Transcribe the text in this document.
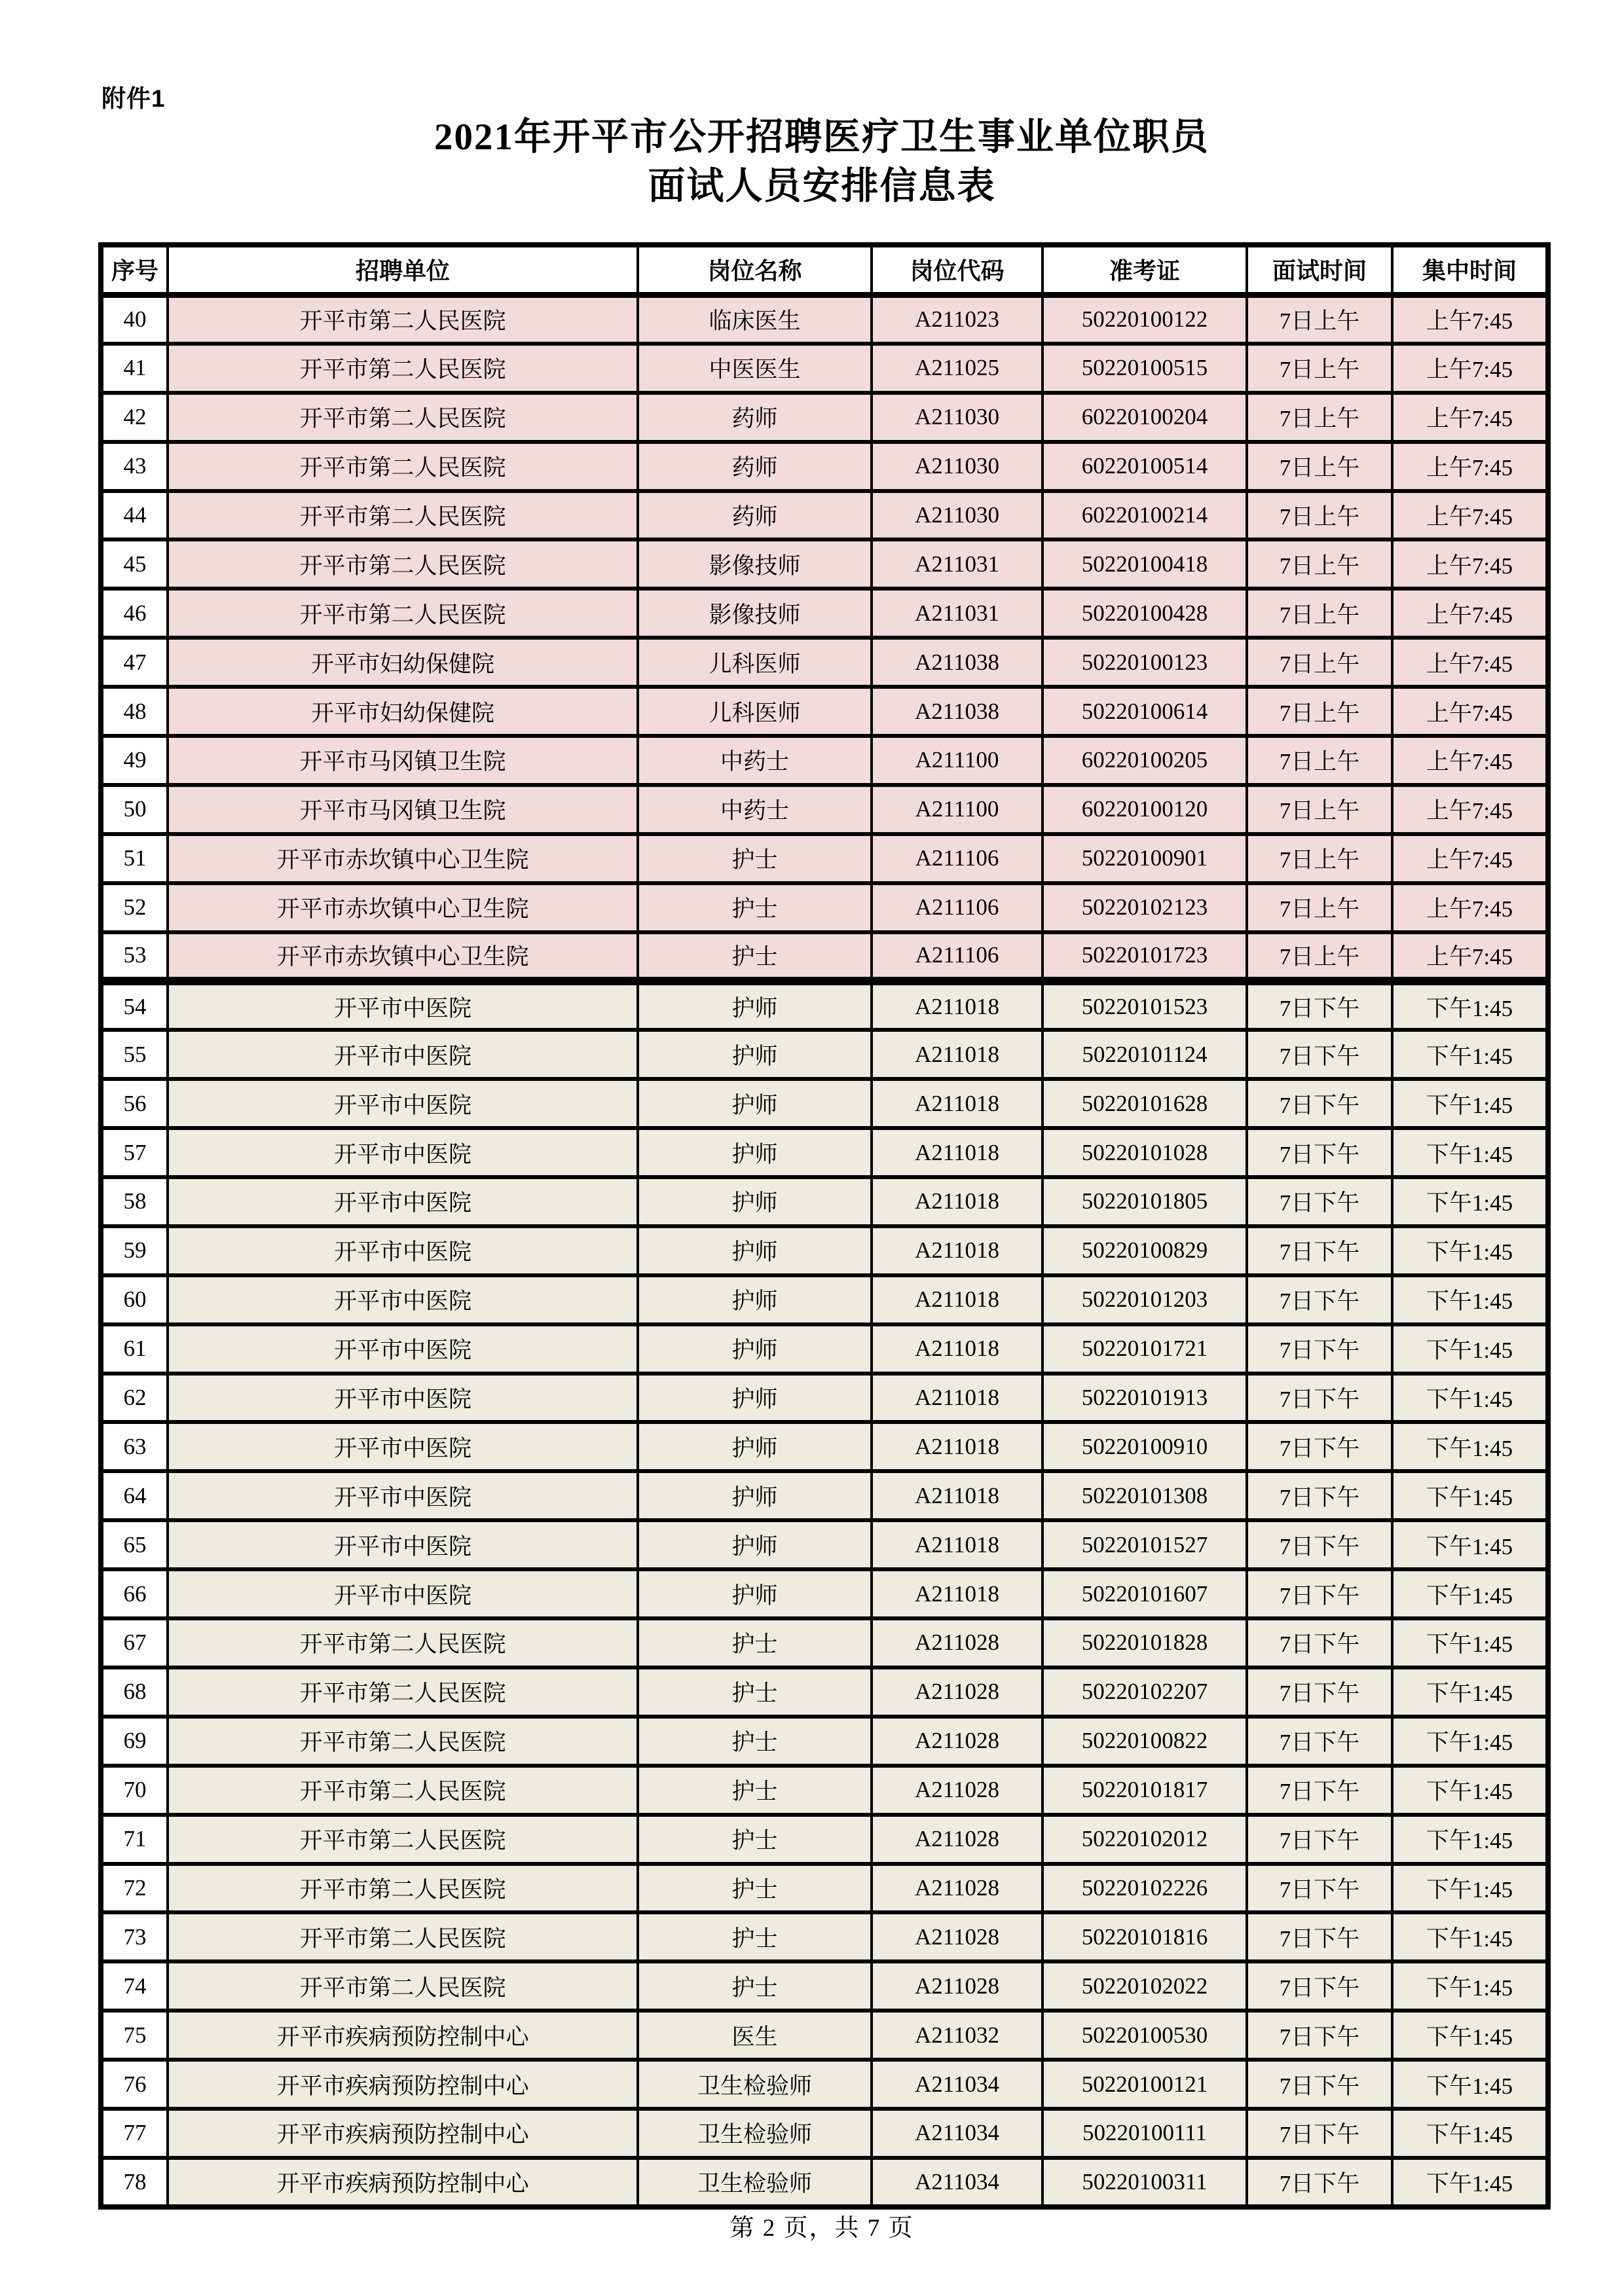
附件1
2021年开平市公开招聘医疗卫生事业单位职员
面试人员安排信息表
序号	招聘单位	岗位名称	岗位代码	准考证	面试时间	集中时间
40	开平市第二人民医院	临床医生	A211023	50220100122	7日上午	上午7:45
41	开平市第二人民医院	中医医生	A211025	50220100515	7日上午	上午7:45
42	开平市第二人民医院	药师	A211030	60220100204	7日上午	上午7:45
43	开平市第二人民医院	药师	A211030	60220100514	7日上午	上午7:45
44	开平市第二人民医院	药师	A211030	60220100214	7日上午	上午7:45
45	开平市第二人民医院	影像技师	A211031	50220100418	7日上午	上午7:45
46	开平市第二人民医院	影像技师	A211031	50220100428	7日上午	上午7:45
47	开平市妇幼保健院	儿科医师	A211038	50220100123	7日上午	上午7:45
48	开平市妇幼保健院	儿科医师	A211038	50220100614	7日上午	上午7:45
49	开平市马冈镇卫生院	中药士	A211100	60220100205	7日上午	上午7:45
50	开平市马冈镇卫生院	中药士	A211100	60220100120	7日上午	上午7:45
51	开平市赤坎镇中心卫生院	护士	A211106	50220100901	7日上午	上午7:45
52	开平市赤坎镇中心卫生院	护士	A211106	50220102123	7日上午	上午7:45
53	开平市赤坎镇中心卫生院	护士	A211106	50220101723	7日上午	上午7:45
54	开平市中医院	护师	A211018	50220101523	7日下午	下午1:45
55	开平市中医院	护师	A211018	50220101124	7日下午	下午1:45
56	开平市中医院	护师	A211018	50220101628	7日下午	下午1:45
57	开平市中医院	护师	A211018	50220101028	7日下午	下午1:45
58	开平市中医院	护师	A211018	50220101805	7日下午	下午1:45
59	开平市中医院	护师	A211018	50220100829	7日下午	下午1:45
60	开平市中医院	护师	A211018	50220101203	7日下午	下午1:45
61	开平市中医院	护师	A211018	50220101721	7日下午	下午1:45
62	开平市中医院	护师	A211018	50220101913	7日下午	下午1:45
63	开平市中医院	护师	A211018	50220100910	7日下午	下午1:45
64	开平市中医院	护师	A211018	50220101308	7日下午	下午1:45
65	开平市中医院	护师	A211018	50220101527	7日下午	下午1:45
66	开平市中医院	护师	A211018	50220101607	7日下午	下午1:45
67	开平市第二人民医院	护士	A211028	50220101828	7日下午	下午1:45
68	开平市第二人民医院	护士	A211028	50220102207	7日下午	下午1:45
69	开平市第二人民医院	护士	A211028	50220100822	7日下午	下午1:45
70	开平市第二人民医院	护士	A211028	50220101817	7日下午	下午1:45
71	开平市第二人民医院	护士	A211028	50220102012	7日下午	下午1:45
72	开平市第二人民医院	护士	A211028	50220102226	7日下午	下午1:45
73	开平市第二人民医院	护士	A211028	50220101816	7日下午	下午1:45
74	开平市第二人民医院	护士	A211028	50220102022	7日下午	下午1:45
75	开平市疾病预防控制中心	医生	A211032	50220100530	7日下午	下午1:45
76	开平市疾病预防控制中心	卫生检验师	A211034	50220100121	7日下午	下午1:45
77	开平市疾病预防控制中心	卫生检验师	A211034	50220100111	7日下午	下午1:45
78	开平市疾病预防控制中心	卫生检验师	A211034	50220100311	7日下午	下午1:45
第 2 页，共 7 页
